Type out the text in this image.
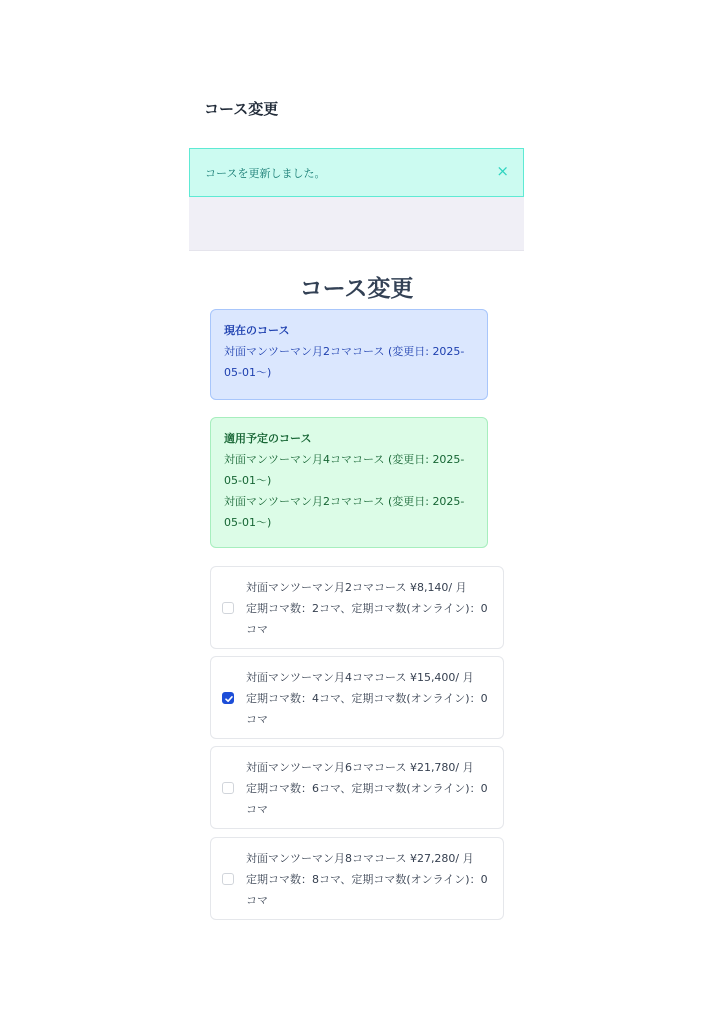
コース変更
コースを更新しました。	×
コース変更
現在のコース
対面マンツーマン月2コマコース (変更日: 2025-05-01〜)
適用予定のコース
対面マンツーマン月4コマコース (変更日: 2025-05-01〜)
対面マンツーマン月2コマコース (変更日: 2025-05-01〜)
対面マンツーマン月2コマコース ¥8,140/ 月
定期コマ数：2コマ、定期コマ数(オンライン)：0コマ
対面マンツーマン月4コマコース ¥15,400/ 月
定期コマ数：4コマ、定期コマ数(オンライン)：0コマ
対面マンツーマン月6コマコース ¥21,780/ 月
定期コマ数：6コマ、定期コマ数(オンライン)：0コマ
対面マンツーマン月8コマコース ¥27,280/ 月
定期コマ数：8コマ、定期コマ数(オンライン)：0コマ
